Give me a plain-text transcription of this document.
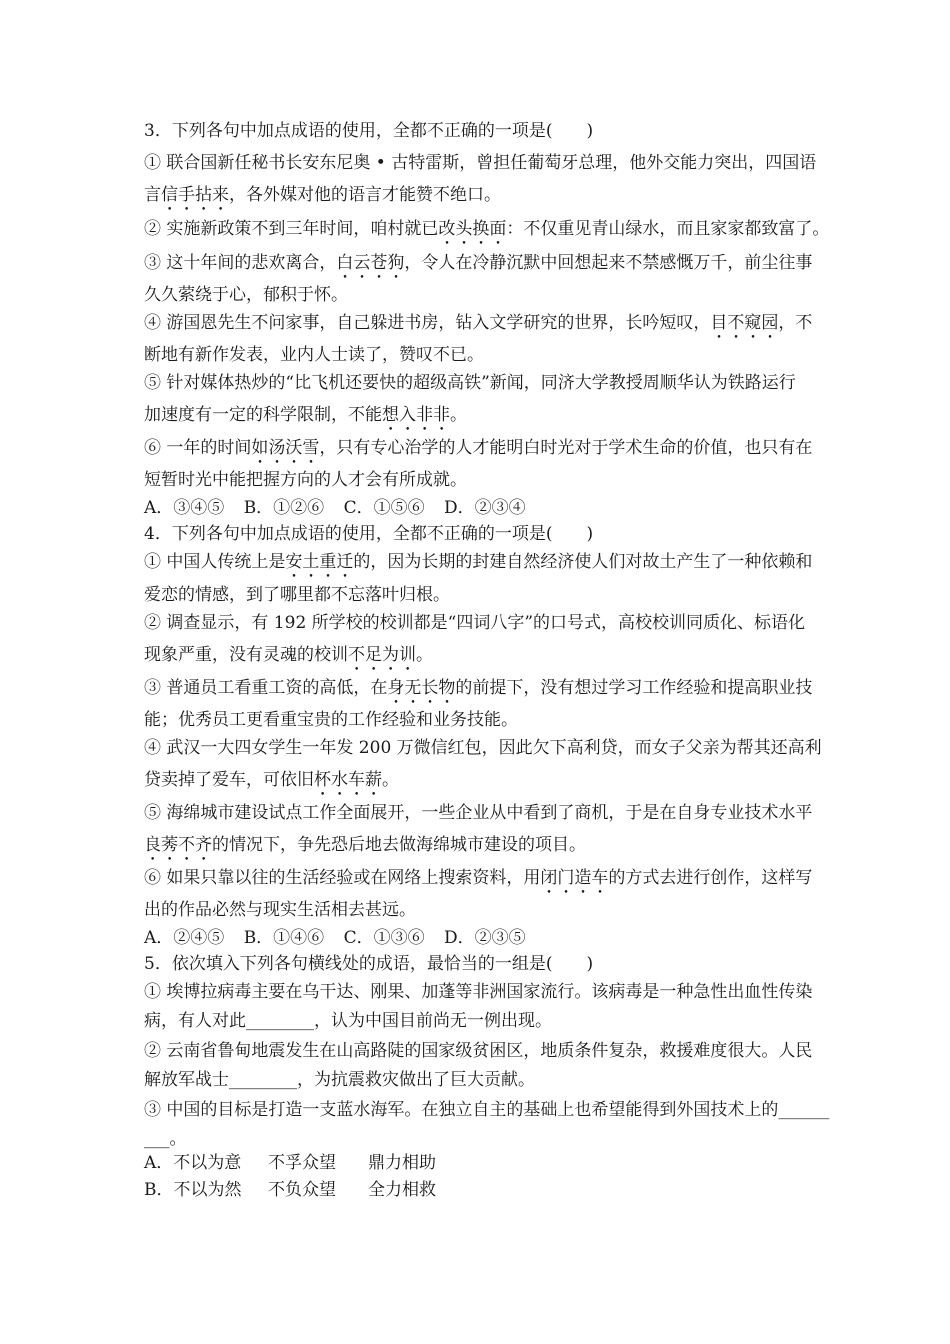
3．下列各句中加点成语的使用，全都不正确的一项是(　　)
① 联合国新任秘书长安东尼奥 • 古特雷斯，曾担任葡萄牙总理，他外交能力突出，四国语
言信手拈来，各外媒对他的语言才能赞不绝口。
② 实施新政策不到三年时间，咱村就已改头换面：不仅重见青山绿水，而且家家都致富了。
③ 这十年间的悲欢离合，白云苍狗，令人在冷静沉默中回想起来不禁感慨万千，前尘往事
久久萦绕于心，郁积于怀。
④ 游国恩先生不问家事，自己躲进书房，钻入文学研究的世界，长吟短叹，目不窥园，不
断地有新作发表，业内人士读了，赞叹不已。
⑤ 针对媒体热炒的“比飞机还要快的超级高铁”新闻，同济大学教授周顺华认为铁路运行
加速度有一定的科学限制，不能想入非非。
⑥ 一年的时间如汤沃雪，只有专心治学的人才能明白时光对于学术生命的价值，也只有在
短暂时光中能把握方向的人才会有所成就。
A．③④⑤ B．①②⑥ C．①⑤⑥ D．②③④
4．下列各句中加点成语的使用，全都不正确的一项是(　　)
① 中国人传统上是安土重迁的，因为长期的封建自然经济使人们对故土产生了一种依赖和
爱恋的情感，到了哪里都不忘落叶归根。
② 调查显示，有 192 所学校的校训都是“四词八字”的口号式，高校校训同质化、标语化
现象严重，没有灵魂的校训不足为训。
③ 普通员工看重工资的高低，在身无长物的前提下，没有想过学习工作经验和提高职业技
能；优秀员工更看重宝贵的工作经验和业务技能。
④ 武汉一大四女学生一年发 200 万微信红包，因此欠下高利贷，而女子父亲为帮其还高利
贷卖掉了爱车，可依旧杯水车薪。
⑤ 海绵城市建设试点工作全面展开，一些企业从中看到了商机，于是在自身专业技术水平
良莠不齐的情况下，争先恐后地去做海绵城市建设的项目。
⑥ 如果只靠以往的生活经验或在网络上搜索资料，用闭门造车的方式去进行创作，这样写
出的作品必然与现实生活相去甚远。
A．②④⑤ B．①④⑥ C．①③⑥ D．②③⑤
5．依次填入下列各句横线处的成语，最恰当的一组是(　　)
① 埃博拉病毒主要在乌干达、刚果、加蓬等非洲国家流行。该病毒是一种急性出血性传染
病，有人对此________，认为中国目前尚无一例出现。
② 云南省鲁甸地震发生在山高路陡的国家级贫困区，地质条件复杂，救援难度很大。人民
解放军战士________，为抗震救灾做出了巨大贡献。
③ 中国的目标是打造一支蓝水海军。在独立自主的基础上也希望能得到外国技术上的______
___。
A．不以为意 不孚众望 鼎力相助
B．不以为然 不负众望 全力相救
